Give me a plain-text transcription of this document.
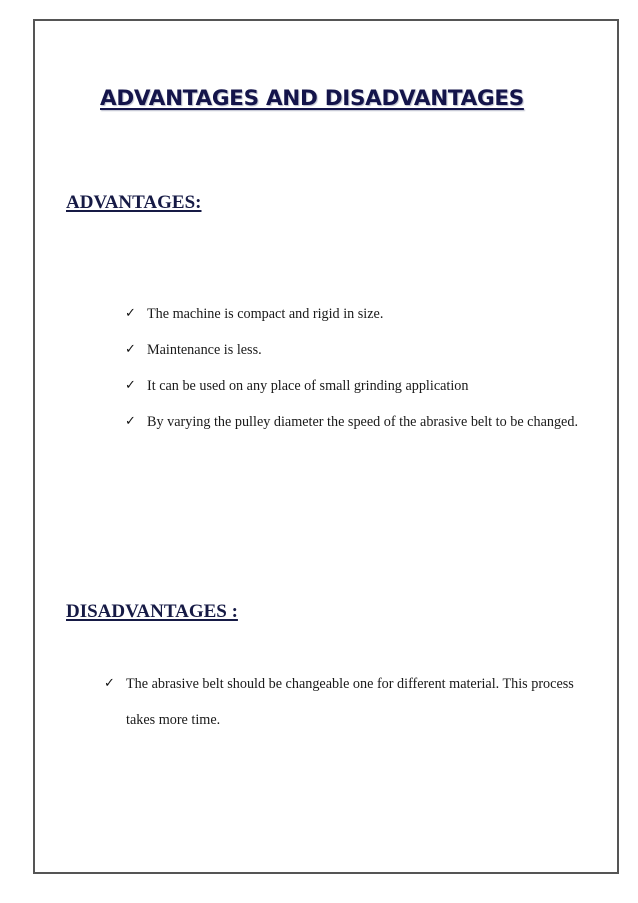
ADVANTAGES AND DISADVANTAGES
ADVANTAGES:
✓ The machine is compact and rigid in size.
✓ Maintenance is less.
✓ It can be used on any place of small grinding application
✓ By varying the pulley diameter the speed of the abrasive belt to be changed.
DISADVANTAGES :
✓ The abrasive belt should be changeable one for different material. This process takes more time.
